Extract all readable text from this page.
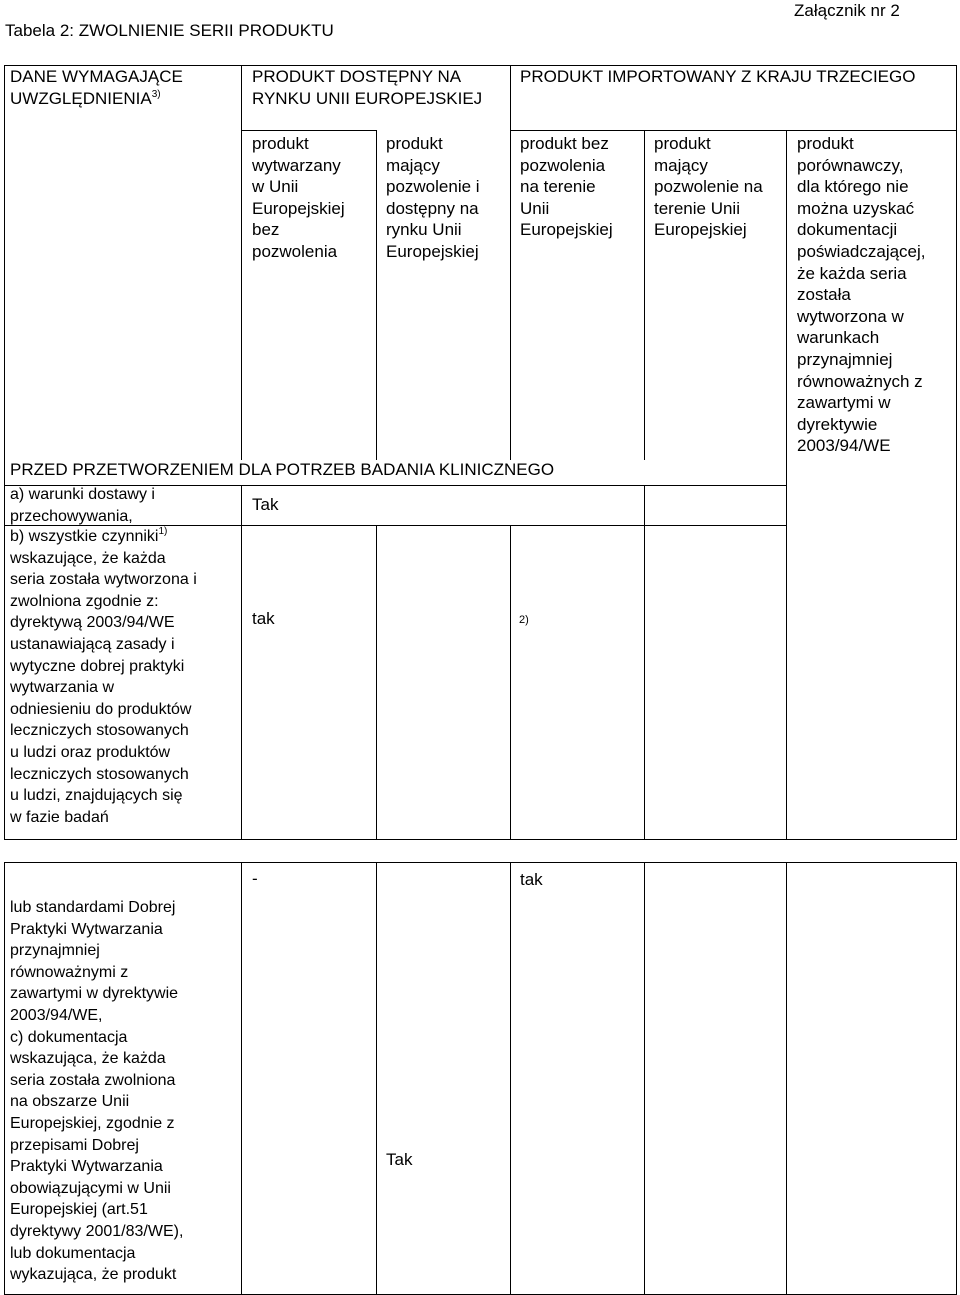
Tabela 2: ZWOLNIENIE SERII PRODUKTU
Załącznik nr 2
DANE WYMAGAJĄCE UWZGLĘDNIENIA$^{3)}$
PRODUKT DOSTĘPNY NA RYNKU UNII EUROPEJSKIEJ
produkt
wytwarzany
w Unii
Europejskiej
bez
pozwolenia
produkt
mający
pozwolenie i
dostępny na
rynku Unii
Europejskiej
PRODUKT IMPORTOWANY Z KRAJU TRZECIEGO
produkt bez
pozwolenia
na terenie
Unii
Europejskiej
produkt
mający
pozwolenie na
terenie Unii
Europejskiej
produkt
porównawczy,
dla którego nie
można uzyskać
dokumentacji
poświadczającej,
że każda seria
została
wytworzona w
warunkach
przynajmniej
równoważnych z
zawartymi w
dyrektywie
2003/94/WE
PRZED PRZETWORZENIEM DLA POTRZEB BADANIA KLINICZNEGO
a) warunki dostawy i
przechowywania,
Tak
b) wszystkie czynniki$^{1)}$
wskazujące, że każda
seria została wytworzona i
zwolniona zgodnie z:
dyrektywą 2003/94/WE
ustanawiającą zasady i
wytyczne dobrej praktyki
wytwarzania w
odniesieniu do produktów
leczniczych stosowanych
u ludzi oraz produktów
leczniczych stosowanych
u ludzi, znajdujących się
w fazie badań
tak	2)
lub standardami Dobrej
Praktyki Wytwarzania
przynajmniej
równoważnymi z
zawartymi w dyrektywie
2003/94/WE,
c) dokumentacja
wskazująca, że każda
seria została zwolniona
na obszarze Unii
Europejskiej, zgodnie z
przepisami Dobrej
Praktyki Wytwarzania
obowiązującymi w Unii
Europejskiej (art.51
dyrektywy 2001/83/WE),
lub dokumentacja
wykazująca, że produkt
-	tak
Tak
